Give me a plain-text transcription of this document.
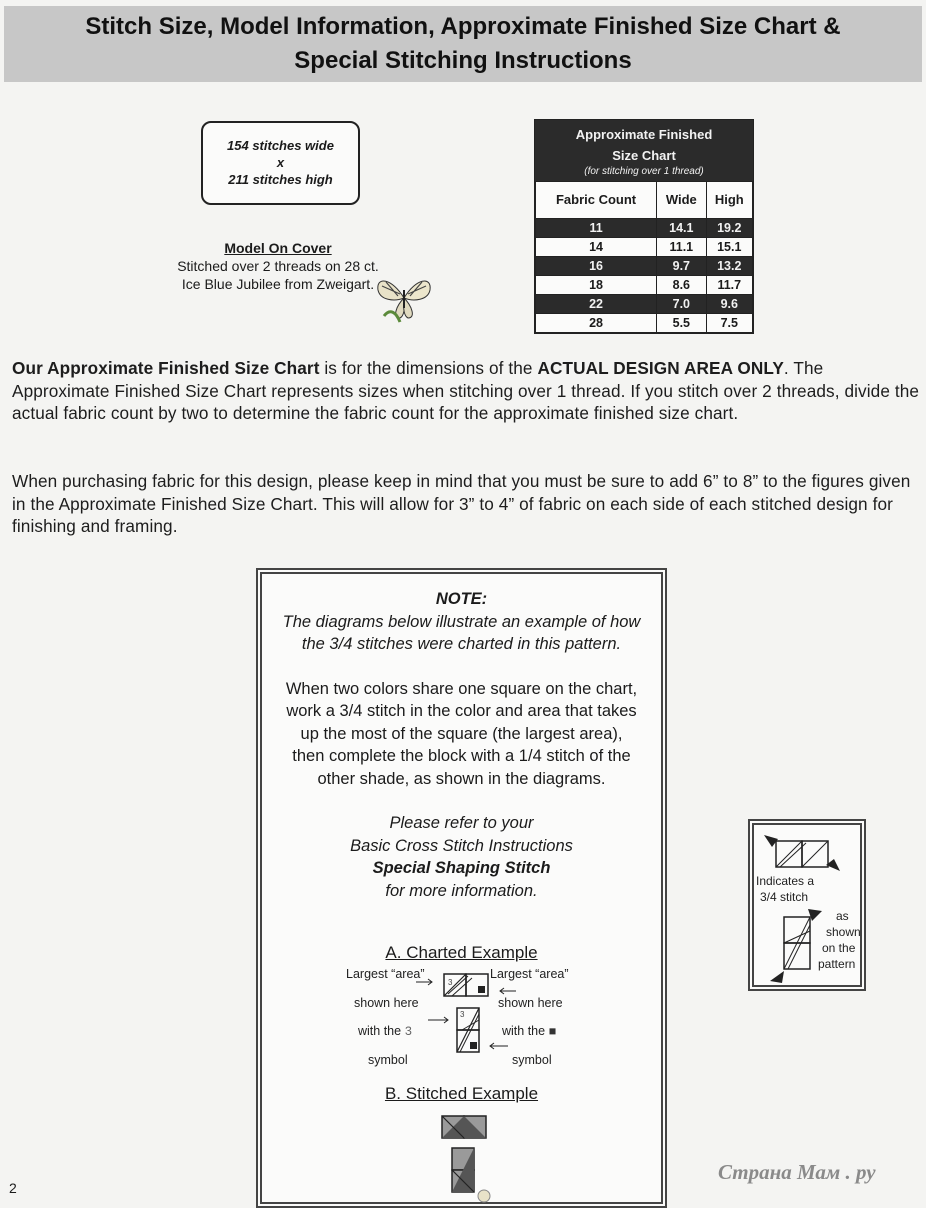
Stitch Size, Model Information, Approximate Finished Size Chart &
Special Stitching Instructions
154 stitches wide
x
211 stitches high
Model On Cover
Stitched over 2 threads on 28 ct.
Ice Blue Jubilee from Zweigart.
Approximate Finished
Size Chart
(for stitching over 1 thread)
Fabric Count	Wide	High
11	14.1	19.2
14	11.1	15.1
16	9.7	13.2
18	8.6	11.7
22	7.0	9.6
28	5.5	7.5
Our Approximate Finished Size Chart is for the dimensions of the ACTUAL DESIGN AREA ONLY. The Approximate Finished Size Chart represents sizes when stitching over 1 thread. If you stitch over 2 threads, divide the actual fabric count by two to determine the fabric count for the approximate finished size chart.
When purchasing fabric for this design, please keep in mind that you must be sure to add 6” to 8” to the figures given in the Approximate Finished Size Chart. This will allow for 3” to 4” of fabric on each side of each stitched design for finishing and framing.
NOTE:
The diagrams below illustrate an example of how
the 3/4 stitches were charted in this pattern.
When two colors share one square on the chart,
work a 3/4 stitch in the color and area that takes
up the most of the square (the largest area),
then complete the block with a 1/4 stitch of the
other shade, as shown in the diagrams.
Please refer to your
Basic Cross Stitch Instructions
Special Shaping Stitch
for more information.
A. Charted Example
Largest “area”
shown here
with the 3
symbol
Largest “area”
shown here
with the ■
symbol
3
3
B. Stitched Example
Indicates a
3/4 stitch
as
shown
on the
pattern
2
Страна Мам . ру
